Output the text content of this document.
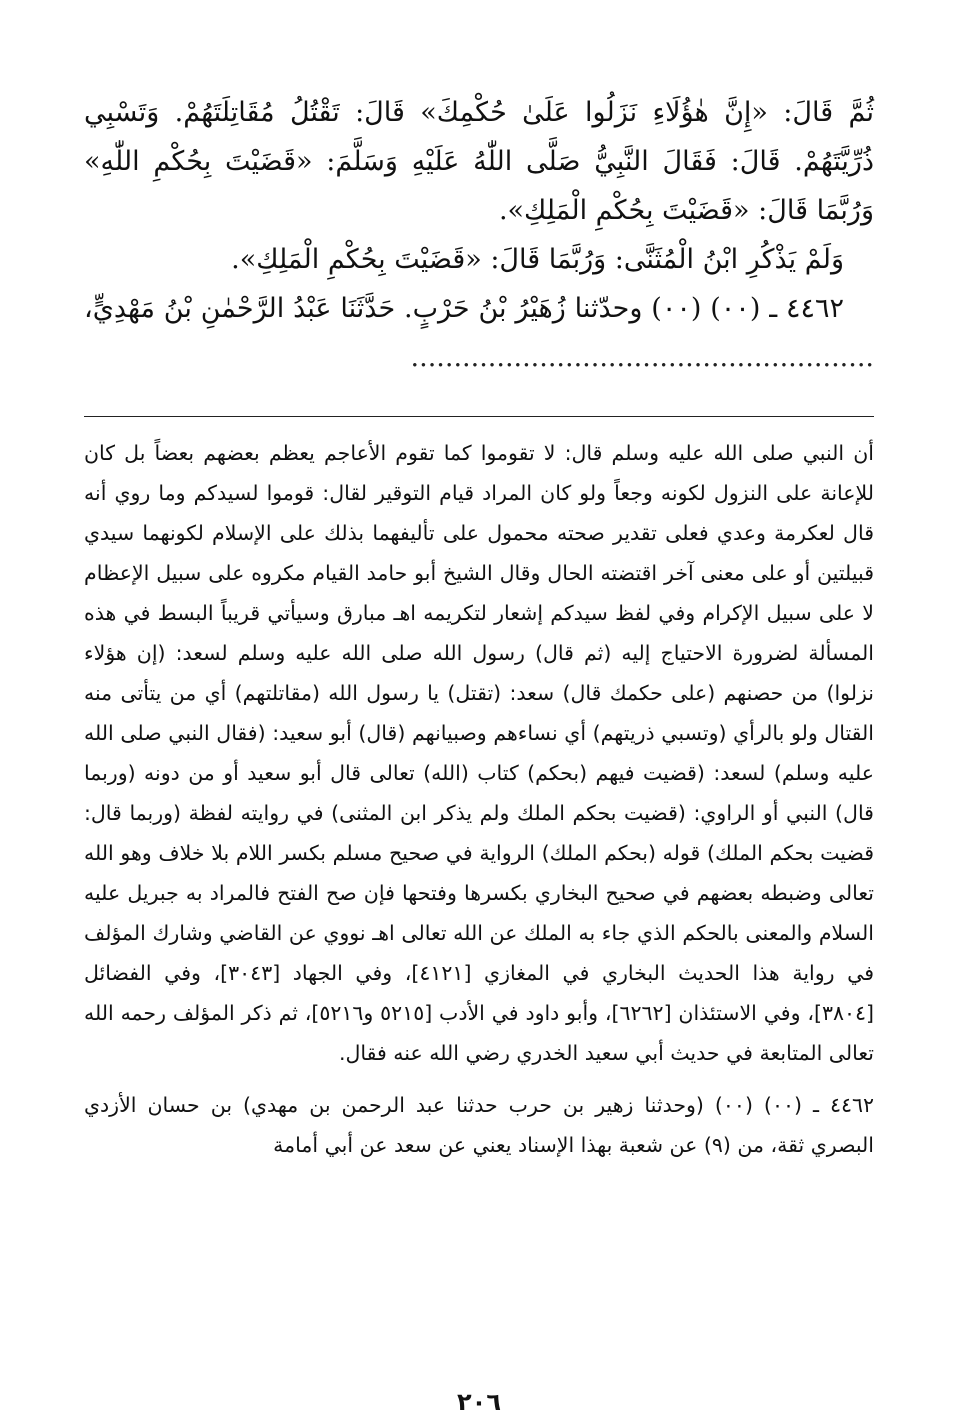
ثُمَّ قَالَ: «إِنَّ هٰؤُلَاءِ نَزَلُوا عَلَىٰ حُكْمِكَ» قَالَ: تَقْتُلُ مُقَاتِلَتَهُمْ. وَتَسْبِي ذُرِّيَّتَهُمْ. قَالَ: فَقَالَ النَّبِيُّ صَلَّى اللّٰهُ عَلَيْهِ وَسَلَّمَ: «قَضَيْتَ بِحُكْمِ اللّٰهِ» وَرُبَّمَا قَالَ: «قَضَيْتَ بِحُكْمِ الْمَلِكِ».

وَلَمْ يَذْكُرِ ابْنُ الْمُثَنَّى: وَرُبَّمَا قَالَ: «قَضَيْتَ بِحُكْمِ الْمَلِكِ».

٤٤٦٢ ـ (٠٠) (٠٠) وحدّثنا زُهَيْرُ بْنُ حَرْبٍ. حَدَّثَنَا عَبْدُ الرَّحْمٰنِ بْنُ مَهْدِيٍّ، ......................................................

أن النبي صلى الله عليه وسلم قال: لا تقوموا كما تقوم الأعاجم يعظم بعضهم بعضاً بل كان للإعانة على النزول لكونه وجعاً ولو كان المراد قيام التوقير لقال: قوموا لسيدكم وما روي أنه قال لعكرمة وعدي فعلى تقدير صحته محمول على تأليفهما بذلك على الإسلام لكونهما سيدي قبيلتين أو على معنى آخر اقتضته الحال وقال الشيخ أبو حامد القيام مكروه على سبيل الإعظام لا على سبيل الإكرام وفي لفظ سيدكم إشعار لتكريمه اهـ مبارق وسيأتي قريباً البسط في هذه المسألة لضرورة الاحتياج إليه (ثم قال) رسول الله صلى الله عليه وسلم لسعد: (إن هؤلاء نزلوا) من حصنهم (على حكمك قال) سعد: (تقتل) يا رسول الله (مقاتلتهم) أي من يتأتى منه القتال ولو بالرأي (وتسبي ذريتهم) أي نساءهم وصبيانهم (قال) أبو سعيد: (فقال النبي صلى الله عليه وسلم) لسعد: (قضيت فيهم (بحكم) كتاب (الله) تعالى قال أبو سعيد أو من دونه (وربما قال) النبي أو الراوي: (قضيت بحكم الملك ولم يذكر ابن المثنى) في روايته لفظة (وربما قال: قضيت بحكم الملك) قوله (بحكم الملك) الرواية في صحيح مسلم بكسر اللام بلا خلاف وهو الله تعالى وضبطه بعضهم في صحيح البخاري بكسرها وفتحها فإن صح الفتح فالمراد به جبريل عليه السلام والمعنى بالحكم الذي جاء به الملك عن الله تعالى اهـ نووي عن القاضي وشارك المؤلف في رواية هذا الحديث البخاري في المغازي [٤١٢١]، وفي الجهاد [٣٠٤٣]، وفي الفضائل [٣٨٠٤]، وفي الاستئذان [٦٢٦٢]، وأبو داود في الأدب [٥٢١٥ و٥٢١٦]، ثم ذكر المؤلف رحمه الله تعالى المتابعة في حديث أبي سعيد الخدري رضي الله عنه فقال.

٤٤٦٢ ـ (٠٠) (٠٠) (وحدثنا زهير بن حرب حدثنا عبد الرحمن بن مهدي) بن حسان الأزدي البصري ثقة، من (٩) عن شعبة بهذا الإسناد يعني عن سعد عن أبي أمامة

٢٠٦
